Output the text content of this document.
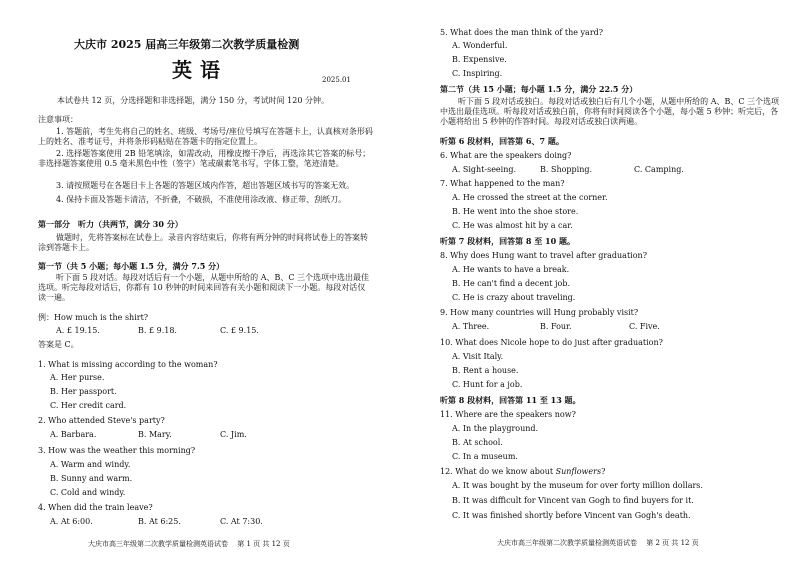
大庆市 2025 届高三年级第二次教学质量检测
英语	2025.01
本试卷共 12 页，分选择题和非选择题，满分 150 分，考试时间 120 分钟。
注意事项：
1. 答题前，考生先将自己的姓名、班级、考场号/座位号填写在答题卡上，认真核对条形码上的姓名、准考证号，并将条形码粘贴在答题卡的指定位置上。
2. 选择题答案使用 2B 铅笔填涂，如需改动，用橡皮擦干净后，再选涂其它答案的标号；非选择题答案使用 0.5 毫米黑色中性（签字）笔或碳素笔书写，字体工整，笔迹清楚。
3. 请按照题号在各题目卡上各题的答题区域内作答，超出答题区域书写的答案无效。
4. 保持卡面及答题卡清洁，不折叠，不破损，不准使用涂改液、修正带、刮纸刀。
第一部分　听力（共两节，满分 30 分）
做题时，先将答案标在试卷上。录音内容结束后，你将有两分钟的时间将试卷上的答案转涂到答题卡上。
第一节（共 5 小题；每小题 1.5 分，满分 7.5 分）
听下面 5 段对话。每段对话后有一个小题，从题中所给的 A、B、C 三个选项中选出最佳选项。听完每段对话后，你都有 10 秒钟的时间来回答有关小题和阅读下一小题。每段对话仅读一遍。
例：How much is the shirt?
A. £ 19.15.	B. £ 9.18.	C. £ 9.15.
答案是 C。
1. What is missing according to the woman?
A. Her purse.
B. Her passport.
C. Her credit card.
2. Who attended Steve's party?
A. Barbara.	B. Mary.	C. Jim.
3. How was the weather this morning?
A. Warm and windy.
B. Sunny and warm.
C. Cold and windy.
4. When did the train leave?
A. At 6:00.	B. At 6:25.	C. At 7:30.
大庆市高三年级第二次教学质量检测英语试卷　 第 1 页 共 12 页
5. What does the man think of the yard?
A. Wonderful.
B. Expensive.
C. Inspiring.
第二节（共 15 小题；每小题 1.5 分，满分 22.5 分）
听下面 5 段对话或独白。每段对话或独白后有几个小题，从题中所给的 A、B、C 三个选项中选出最佳选项。听每段对话或独白前，你将有时间阅读各个小题，每小题 5 秒钟；听完后，各小题将给出 5 秒钟的作答时间。每段对话或独白读两遍。
听第 6 段材料，回答第 6、7 题。
6. What are the speakers doing?
A. Sight-seeing.	B. Shopping.	C. Camping.
7. What happened to the man?
A. He crossed the street at the corner.
B. He went into the shoe store.
C. He was almost hit by a car.
听第 7 段材料，回答第 8 至 10 题。
8. Why does Hung want to travel after graduation?
A. He wants to have a break.
B. He can't find a decent job.
C. He is crazy about traveling.
9. How many countries will Hung probably visit?
A. Three.	B. Four.	C. Five.
10. What does Nicole hope to do just after graduation?
A. Visit Italy.
B. Rent a house.
C. Hunt for a job.
听第 8 段材料，回答第 11 至 13 题。
11. Where are the speakers now?
A. In the playground.
B. At school.
C. In a museum.
12. What do we know about Sunflowers?
A. It was bought by the museum for over forty million dollars.
B. It was difficult for Vincent van Gogh to find buyers for it.
C. It was finished shortly before Vincent van Gogh's death.
大庆市高三年级第二次教学质量检测英语试卷　 第 2 页 共 12 页
